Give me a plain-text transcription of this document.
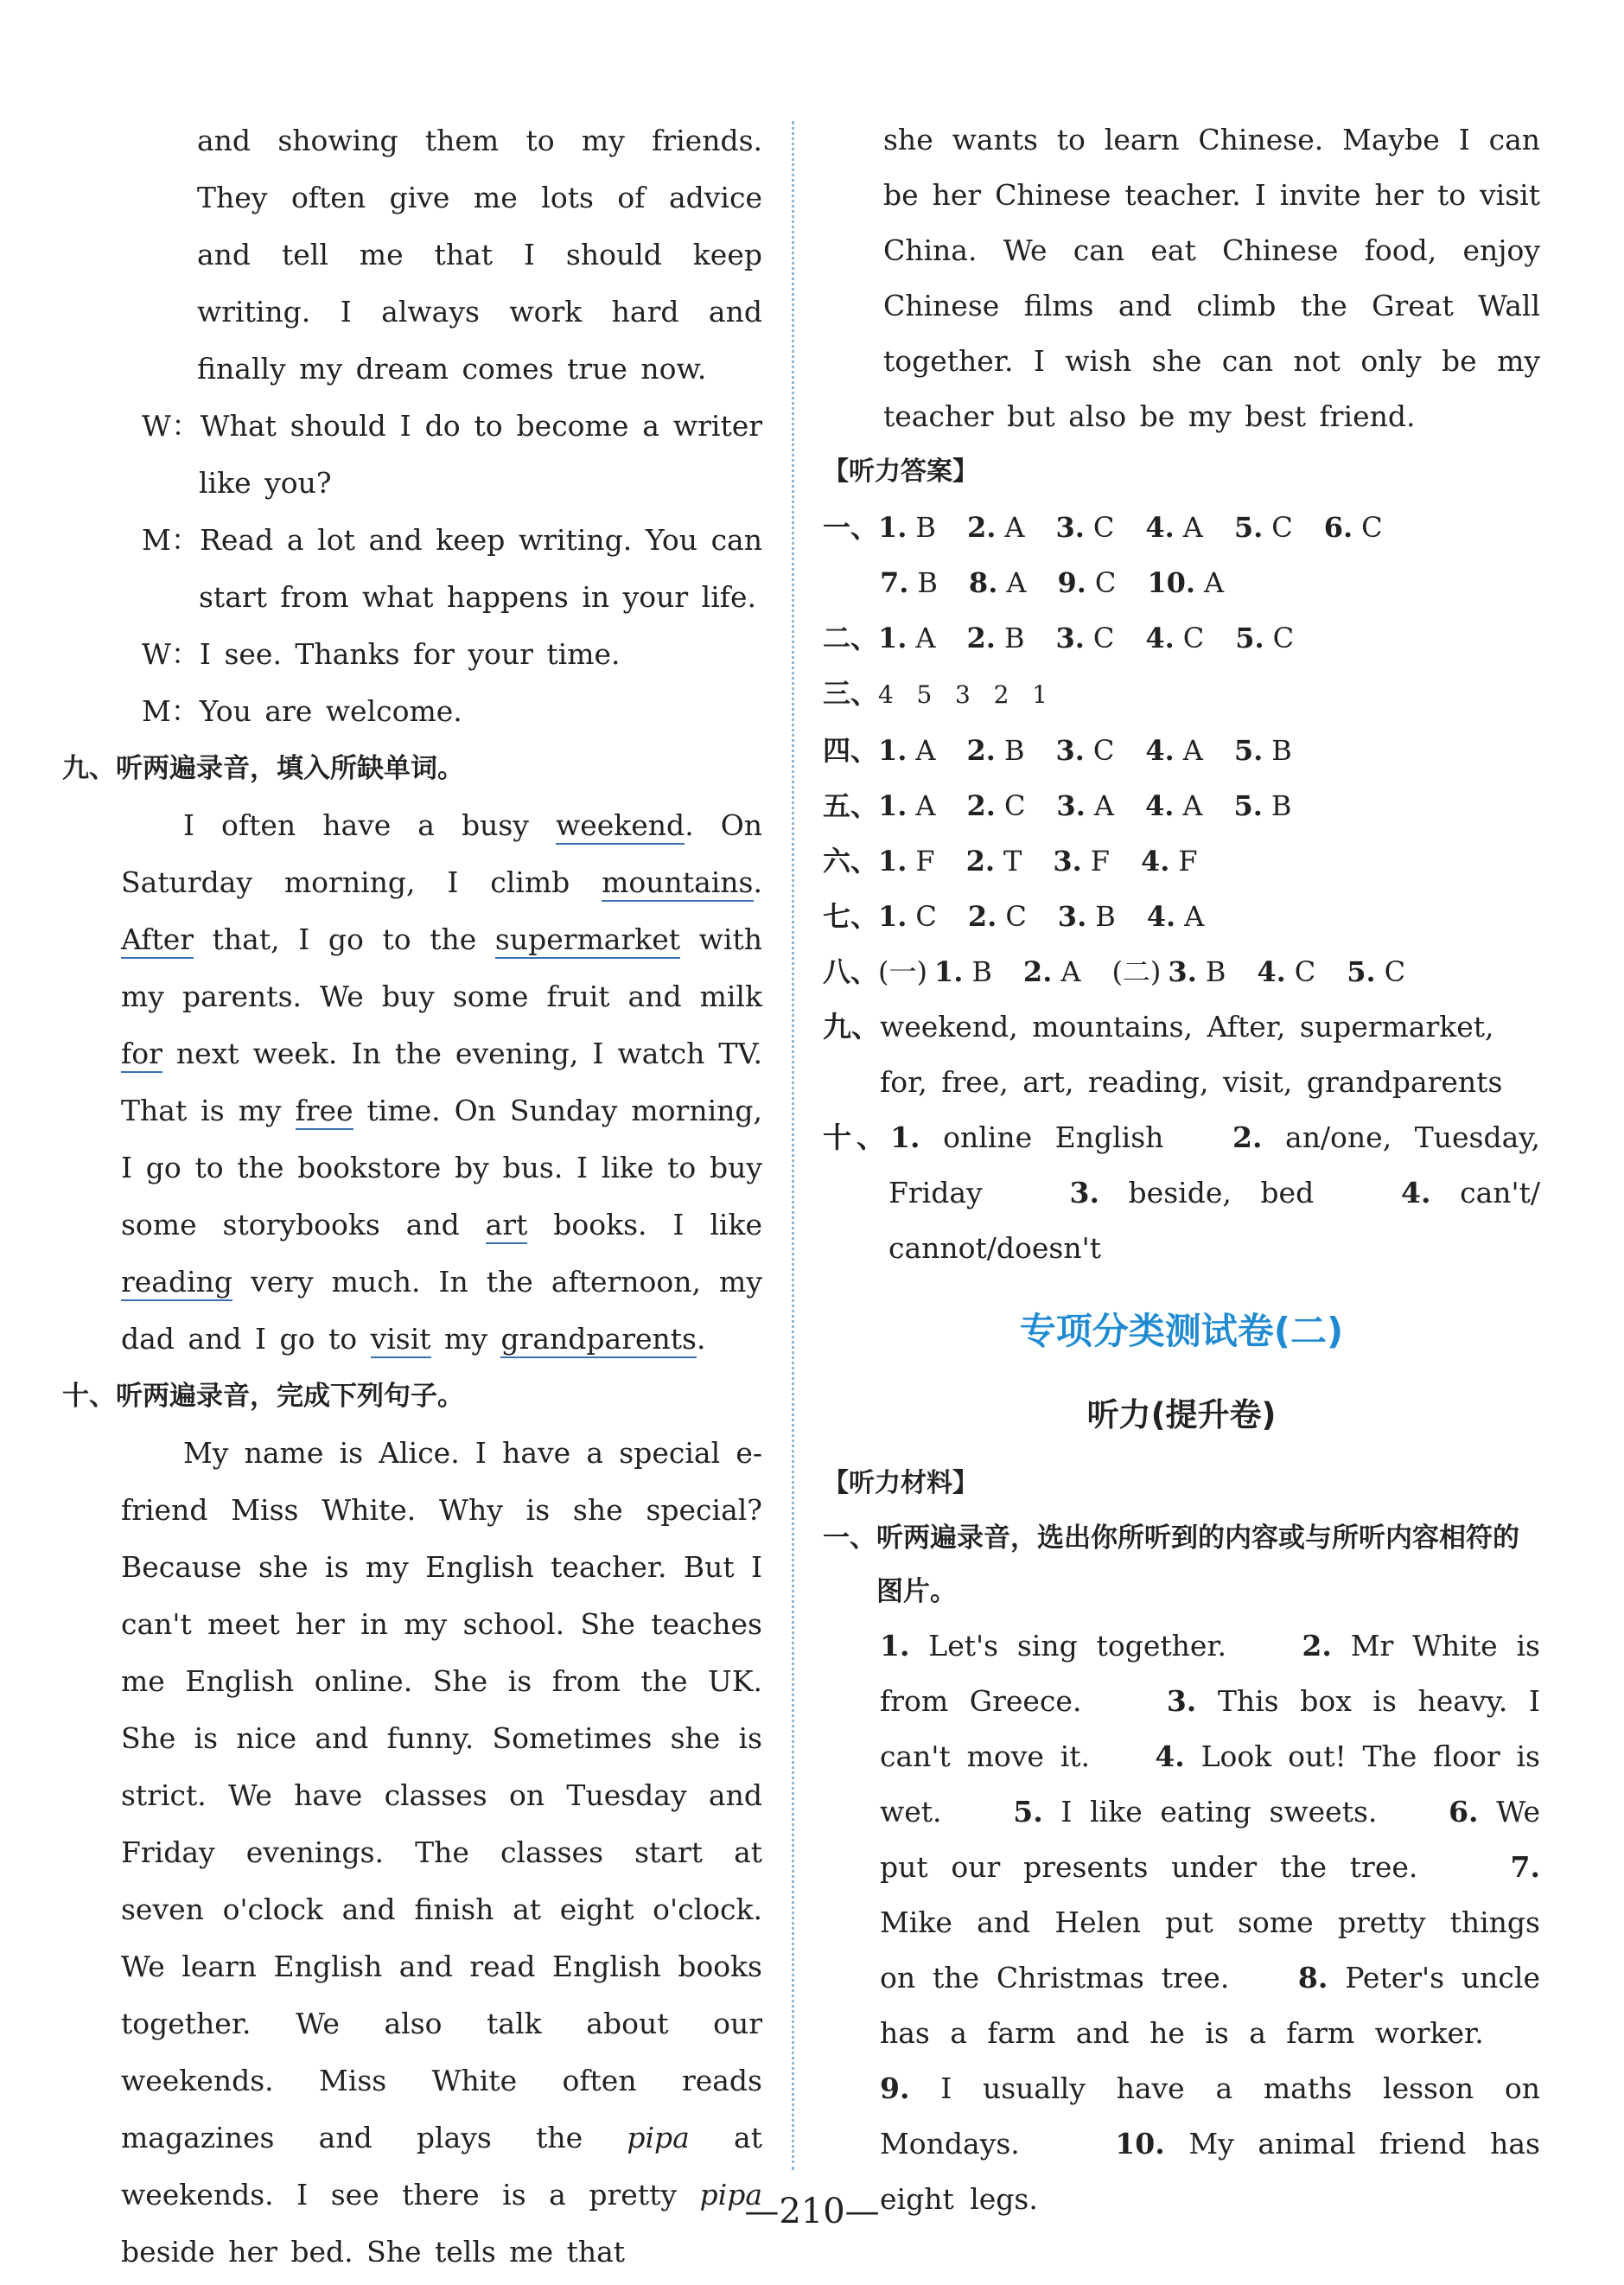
and showing them to my friends. They often give me lots of advice and tell me that I should keep writing. I always work hard and finally my dream comes true now.

W：What should I do to become a writer like you?

M：Read a lot and keep writing. You can start from what happens in your life.

W：I see. Thanks for your time.

M：You are welcome.

九、听两遍录音，填入所缺单词。

I often have a busy weekend. On Saturday morning, I climb mountains. After that, I go to the supermarket with my parents. We buy some fruit and milk for next week. In the evening, I watch TV. That is my free time. On Sunday morning, I go to the bookstore by bus. I like to buy some storybooks and art books. I like reading very much. In the afternoon, my dad and I go to visit my grandparents.

十、听两遍录音，完成下列句子。

My name is Alice. I have a special e-friend Miss White. Why is she special? Because she is my English teacher. But I can't meet her in my school. She teaches me English online. She is from the UK. She is nice and funny. Sometimes she is strict. We have classes on Tuesday and Friday evenings. The classes start at seven o'clock and finish at eight o'clock. We learn English and read English books together. We also talk about our weekends. Miss White often reads magazines and plays the pipa at weekends. I see there is a pretty pipa beside her bed. She tells me that

she wants to learn Chinese. Maybe I can be her Chinese teacher. I invite her to visit China. We can eat Chinese food, enjoy Chinese films and climb the Great Wall together. I wish she can not only be my teacher but also be my best friend.

【听力答案】

一、1. B 2. A 3. C 4. A 5. C 6. C

7. B 8. A 9. C 10. A

二、1. A 2. B 3. C 4. C 5. C

三、4   5   3   2   1

四、1. A 2. B 3. C 4. A 5. B

五、1. A 2. C 3. A 4. A 5. B

六、1. F 2. T 3. F 4. F

七、1. C 2. C 3. B 4. A

八、(一) 1. B 2. A (二) 3. B 4. C 5. C

九、weekend, mountains, After, supermarket, for, free, art, reading, visit, grandparents

十、1. online English 2. an/one, Tuesday, Friday	3. beside, bed	4. can't/ cannot/doesn't

专项分类测试卷(二)

听力(提升卷)

【听力材料】

一、听两遍录音，选出你所听到的内容或与所听内容相符的图片。

1. Let's sing together.	2. Mr White is from Greece.	3. This box is heavy. I can't move it. 4. Look out! The floor is wet.	5. I like eating sweets.	6. We put our presents under the tree.	7. Mike and Helen put some pretty things on the Christmas tree. 8. Peter's uncle has a farm and he is a farm worker.    9. I usually have a maths lesson on Mondays.	10. My animal friend has eight legs.

—210—
